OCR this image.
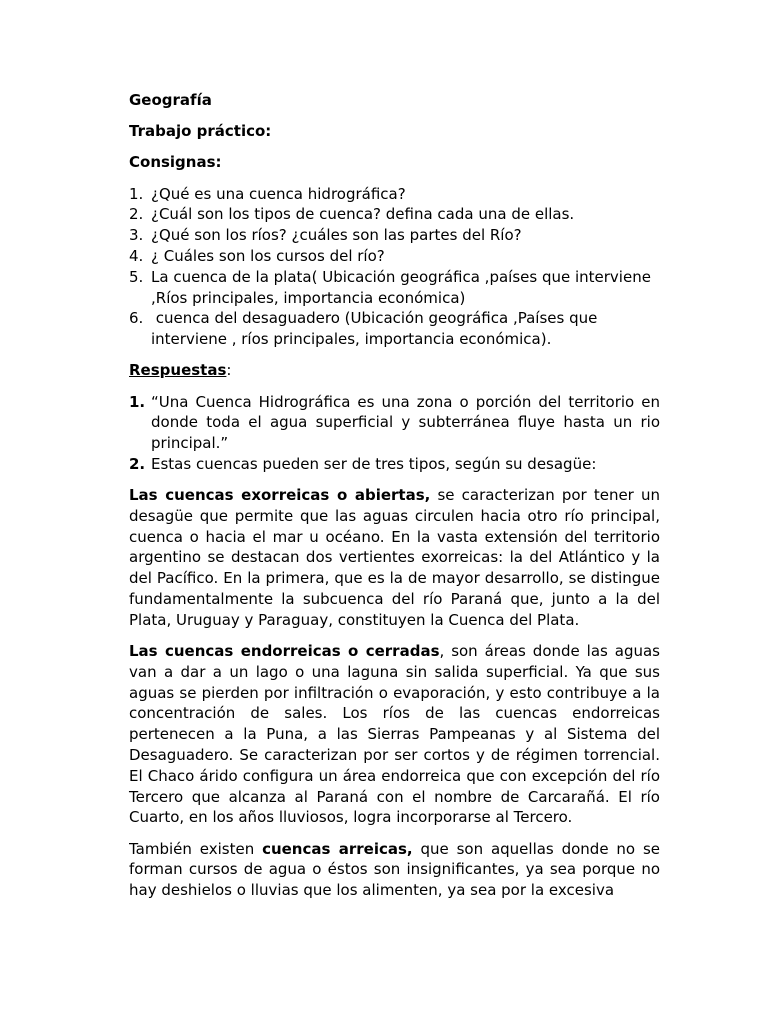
Geografía

Trabajo práctico:

Consignas:

1. ¿Qué es una cuenca hidrográfica?
2. ¿Cuál son los tipos de cuenca? defina cada una de ellas.
3. ¿Qué son los ríos? ¿cuáles son las partes del Río?
4. ¿ Cuáles son los cursos del río?
5. La cuenca de la plata( Ubicación geográfica ,países que interviene ,Ríos principales, importancia económica)
6. cuenca del desaguadero (Ubicación geográfica ,Países que interviene , ríos principales, importancia económica).

Respuestas:

1. “Una Cuenca Hidrográfica es una zona o porción del territorio en donde toda el agua superficial y subterránea fluye hasta un rio principal.”
2. Estas cuencas pueden ser de tres tipos, según su desagüe:

Las cuencas exorreicas o abiertas, se caracterizan por tener un desagüe que permite que las aguas circulen hacia otro río principal, cuenca o hacia el mar u océano. En la vasta extensión del territorio argentino se destacan dos vertientes exorreicas: la del Atlántico y la del Pacífico. En la primera, que es la de mayor desarrollo, se distingue fundamentalmente la subcuenca del río Paraná que, junto a la del Plata, Uruguay y Paraguay, constituyen la Cuenca del Plata.

Las cuencas endorreicas o cerradas, son áreas donde las aguas van a dar a un lago o una laguna sin salida superficial. Ya que sus aguas se pierden por infiltración o evaporación, y esto contribuye a la concentración de sales. Los ríos de las cuencas endorreicas pertenecen a la Puna, a las Sierras Pampeanas y al Sistema del Desaguadero. Se caracterizan por ser cortos y de régimen torrencial. El Chaco árido configura un área endorreica que con excepción del río Tercero que alcanza al Paraná con el nombre de Carcarañá. El río Cuarto, en los años lluviosos, logra incorporarse al Tercero.

También existen cuencas arreicas, que son aquellas donde no se forman cursos de agua o éstos son insignificantes, ya sea porque no hay deshielos o lluvias que los alimenten, ya sea por la excesiva
